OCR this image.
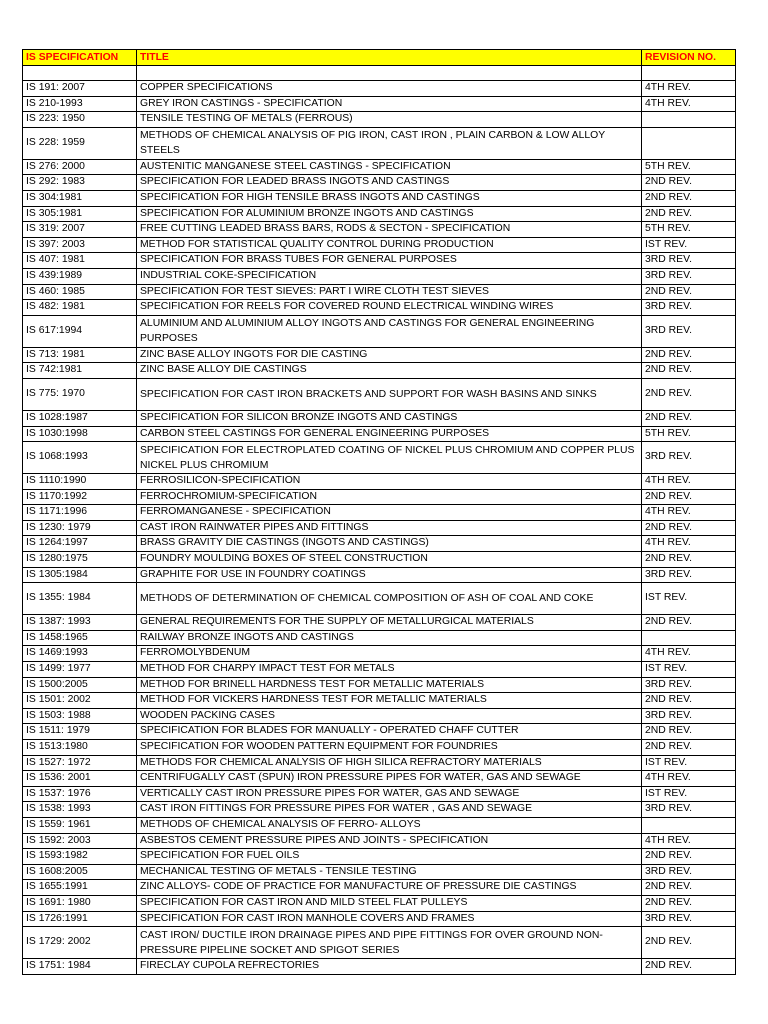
IS SPECIFICATION	TITLE	REVISION NO.

IS 191: 2007	COPPER SPECIFICATIONS	4TH REV.
IS 210-1993	GREY IRON CASTINGS - SPECIFICATION	4TH REV.
IS 223: 1950	TENSILE TESTING OF METALS (FERROUS)	
IS 228: 1959	METHODS OF CHEMICAL ANALYSIS OF PIG IRON, CAST IRON , PLAIN CARBON & LOW ALLOY STEELS	
IS 276: 2000	AUSTENITIC MANGANESE STEEL CASTINGS - SPECIFICATION	5TH REV.
IS 292: 1983	SPECIFICATION FOR LEADED BRASS INGOTS AND CASTINGS	2ND REV.
IS 304:1981	SPECIFICATION FOR HIGH TENSILE BRASS INGOTS AND CASTINGS	2ND REV.
IS 305:1981	SPECIFICATION FOR ALUMINIUM BRONZE INGOTS AND CASTINGS	2ND REV.
IS 319: 2007	FREE CUTTING LEADED BRASS BARS, RODS & SECTON - SPECIFICATION	5TH REV.
IS 397: 2003	METHOD FOR STATISTICAL QUALITY CONTROL DURING PRODUCTION	IST REV.
IS 407: 1981	SPECIFICATION FOR BRASS TUBES FOR GENERAL PURPOSES	3RD REV.
IS 439:1989	INDUSTRIAL COKE-SPECIFICATION	3RD REV.
IS 460: 1985	SPECIFICATION FOR TEST SIEVES: PART I WIRE CLOTH TEST SIEVES	2ND REV.
IS 482: 1981	SPECIFICATION FOR REELS FOR COVERED ROUND ELECTRICAL WINDING WIRES	3RD REV.
IS 617:1994	ALUMINIUM AND ALUMINIUM ALLOY INGOTS AND CASTINGS FOR GENERAL ENGINEERING PURPOSES	3RD REV.
IS 713: 1981	ZINC BASE ALLOY INGOTS FOR DIE CASTING	2ND REV.
IS 742:1981	ZINC BASE ALLOY DIE CASTINGS	2ND REV.
IS 775: 1970	SPECIFICATION FOR CAST IRON BRACKETS AND SUPPORT FOR WASH BASINS AND SINKS	2ND REV.
IS 1028:1987	SPECIFICATION FOR SILICON BRONZE INGOTS AND CASTINGS	2ND REV.
IS 1030:1998	CARBON STEEL CASTINGS FOR GENERAL ENGINEERING PURPOSES	5TH REV.
IS 1068:1993	SPECIFICATION FOR ELECTROPLATED COATING OF NICKEL PLUS CHROMIUM AND COPPER PLUS NICKEL PLUS CHROMIUM	3RD REV.
IS 1110:1990	FERROSILICON-SPECIFICATION	4TH REV.
IS 1170:1992	FERROCHROMIUM-SPECIFICATION	2ND REV.
IS 1171:1996	FERROMANGANESE - SPECIFICATION	4TH REV.
IS 1230: 1979	CAST IRON RAINWATER PIPES AND FITTINGS	2ND REV.
IS 1264:1997	BRASS GRAVITY DIE CASTINGS (INGOTS AND CASTINGS)	4TH REV.
IS 1280:1975	FOUNDRY MOULDING BOXES OF STEEL CONSTRUCTION	2ND REV.
IS 1305:1984	GRAPHITE FOR USE IN FOUNDRY COATINGS	3RD REV.
IS 1355: 1984	METHODS OF DETERMINATION OF CHEMICAL COMPOSITION OF ASH OF COAL AND COKE	IST REV.
IS 1387: 1993	GENERAL REQUIREMENTS FOR THE SUPPLY OF METALLURGICAL MATERIALS	2ND REV.
IS 1458:1965	RAILWAY BRONZE INGOTS AND CASTINGS	
IS 1469:1993	FERROMOLYBDENUM	4TH REV.
IS 1499: 1977	METHOD FOR CHARPY IMPACT TEST FOR METALS	IST REV.
IS 1500:2005	METHOD FOR BRINELL HARDNESS TEST FOR METALLIC MATERIALS	3RD REV.
IS 1501: 2002	METHOD FOR VICKERS HARDNESS TEST FOR METALLIC MATERIALS	2ND REV.
IS 1503: 1988	WOODEN PACKING CASES	3RD REV.
IS 1511: 1979	SPECIFICATION FOR BLADES FOR MANUALLY - OPERATED CHAFF CUTTER	2ND REV.
IS 1513:1980	SPECIFICATION FOR WOODEN PATTERN EQUIPMENT FOR FOUNDRIES	2ND REV.
IS 1527: 1972	METHODS FOR CHEMICAL ANALYSIS OF HIGH SILICA REFRACTORY MATERIALS	IST REV.
IS 1536: 2001	CENTRIFUGALLY CAST (SPUN) IRON PRESSURE PIPES FOR WATER, GAS AND SEWAGE	4TH REV.
IS 1537: 1976	VERTICALLY CAST IRON PRESSURE PIPES FOR WATER, GAS AND SEWAGE	IST REV.
IS 1538: 1993	CAST IRON FITTINGS FOR PRESSURE PIPES FOR WATER , GAS AND SEWAGE	3RD REV.
IS 1559: 1961	METHODS OF CHEMICAL ANALYSIS OF FERRO- ALLOYS	
IS 1592: 2003	ASBESTOS CEMENT PRESSURE PIPES AND JOINTS - SPECIFICATION	4TH REV.
IS 1593:1982	SPECIFICATION FOR FUEL OILS	2ND REV.
IS 1608:2005	MECHANICAL TESTING OF METALS - TENSILE TESTING	3RD REV.
IS 1655:1991	ZINC ALLOYS- CODE OF PRACTICE FOR MANUFACTURE OF PRESSURE DIE CASTINGS	2ND REV.
IS 1691: 1980	SPECIFICATION FOR CAST IRON AND MILD STEEL FLAT PULLEYS	2ND REV.
IS 1726:1991	SPECIFICATION FOR CAST IRON MANHOLE COVERS AND FRAMES	3RD REV.
IS 1729: 2002	CAST IRON/ DUCTILE IRON DRAINAGE PIPES AND PIPE FITTINGS FOR OVER GROUND NON-PRESSURE PIPELINE SOCKET AND SPIGOT SERIES	2ND REV.
IS 1751: 1984	FIRECLAY CUPOLA REFRECTORIES	2ND REV.
